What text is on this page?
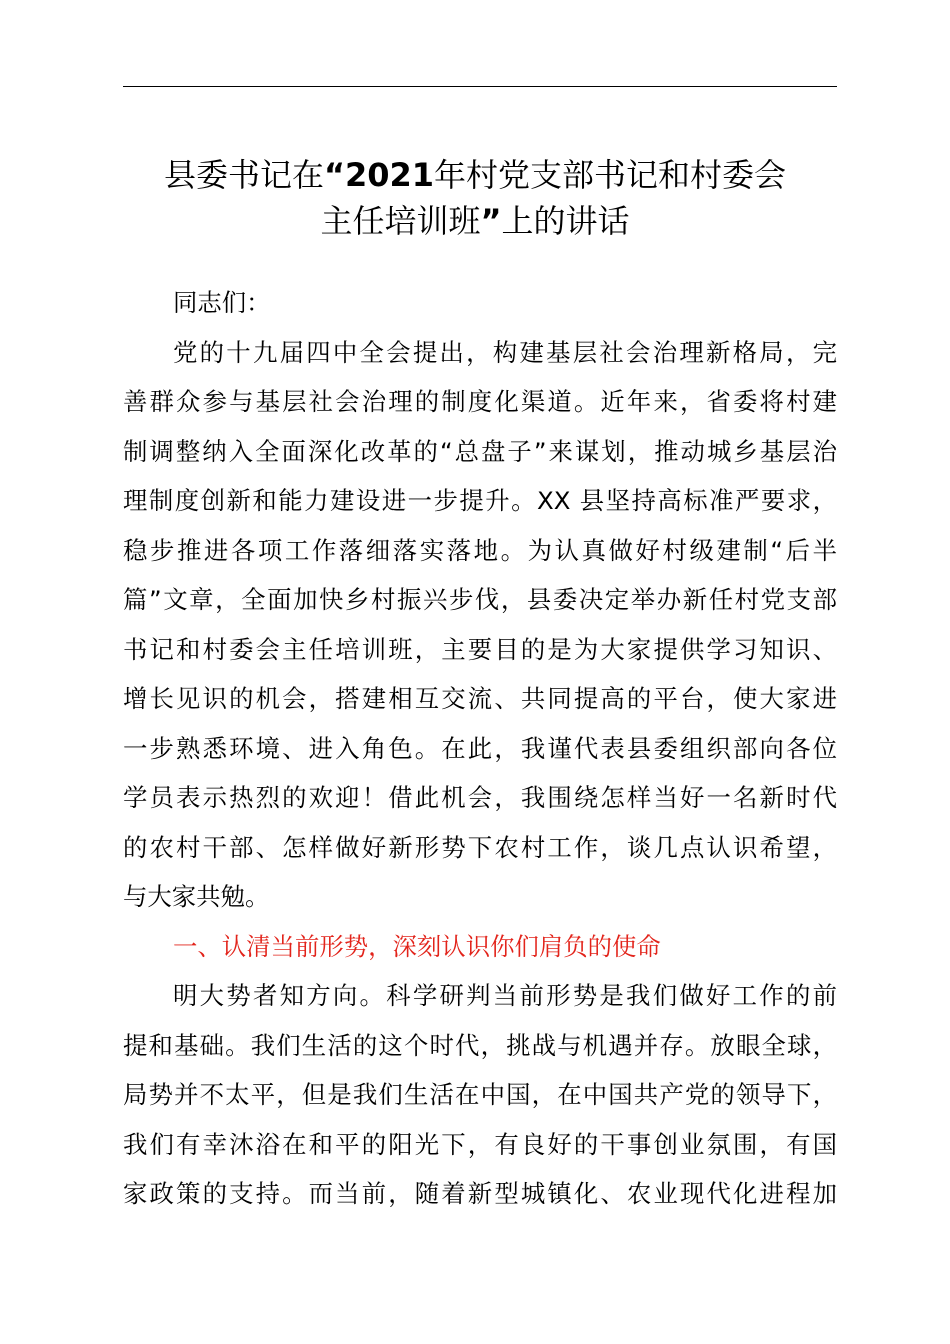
县委书记在“2021年村党支部书记和村委会
主任培训班”上的讲话
同志们：
党的十九届四中全会提出，构建基层社会治理新格局，完
善群众参与基层社会治理的制度化渠道。近年来，省委将村建
制调整纳入全面深化改革的“总盘子”来谋划，推动城乡基层治
理制度创新和能力建设进一步提升。XX 县坚持高标准严要求，
稳步推进各项工作落细落实落地。为认真做好村级建制“后半
篇”文章，全面加快乡村振兴步伐，县委决定举办新任村党支部
书记和村委会主任培训班，主要目的是为大家提供学习知识、
增长见识的机会，搭建相互交流、共同提高的平台，使大家进
一步熟悉环境、进入角色。在此，我谨代表县委组织部向各位
学员表示热烈的欢迎！借此机会，我围绕怎样当好一名新时代
的农村干部、怎样做好新形势下农村工作，谈几点认识希望，
与大家共勉。
一、认清当前形势，深刻认识你们肩负的使命
明大势者知方向。科学研判当前形势是我们做好工作的前
提和基础。我们生活的这个时代，挑战与机遇并存。放眼全球，
局势并不太平，但是我们生活在中国，在中国共产党的领导下，
我们有幸沐浴在和平的阳光下，有良好的干事创业氛围，有国
家政策的支持。而当前，随着新型城镇化、农业现代化进程加
